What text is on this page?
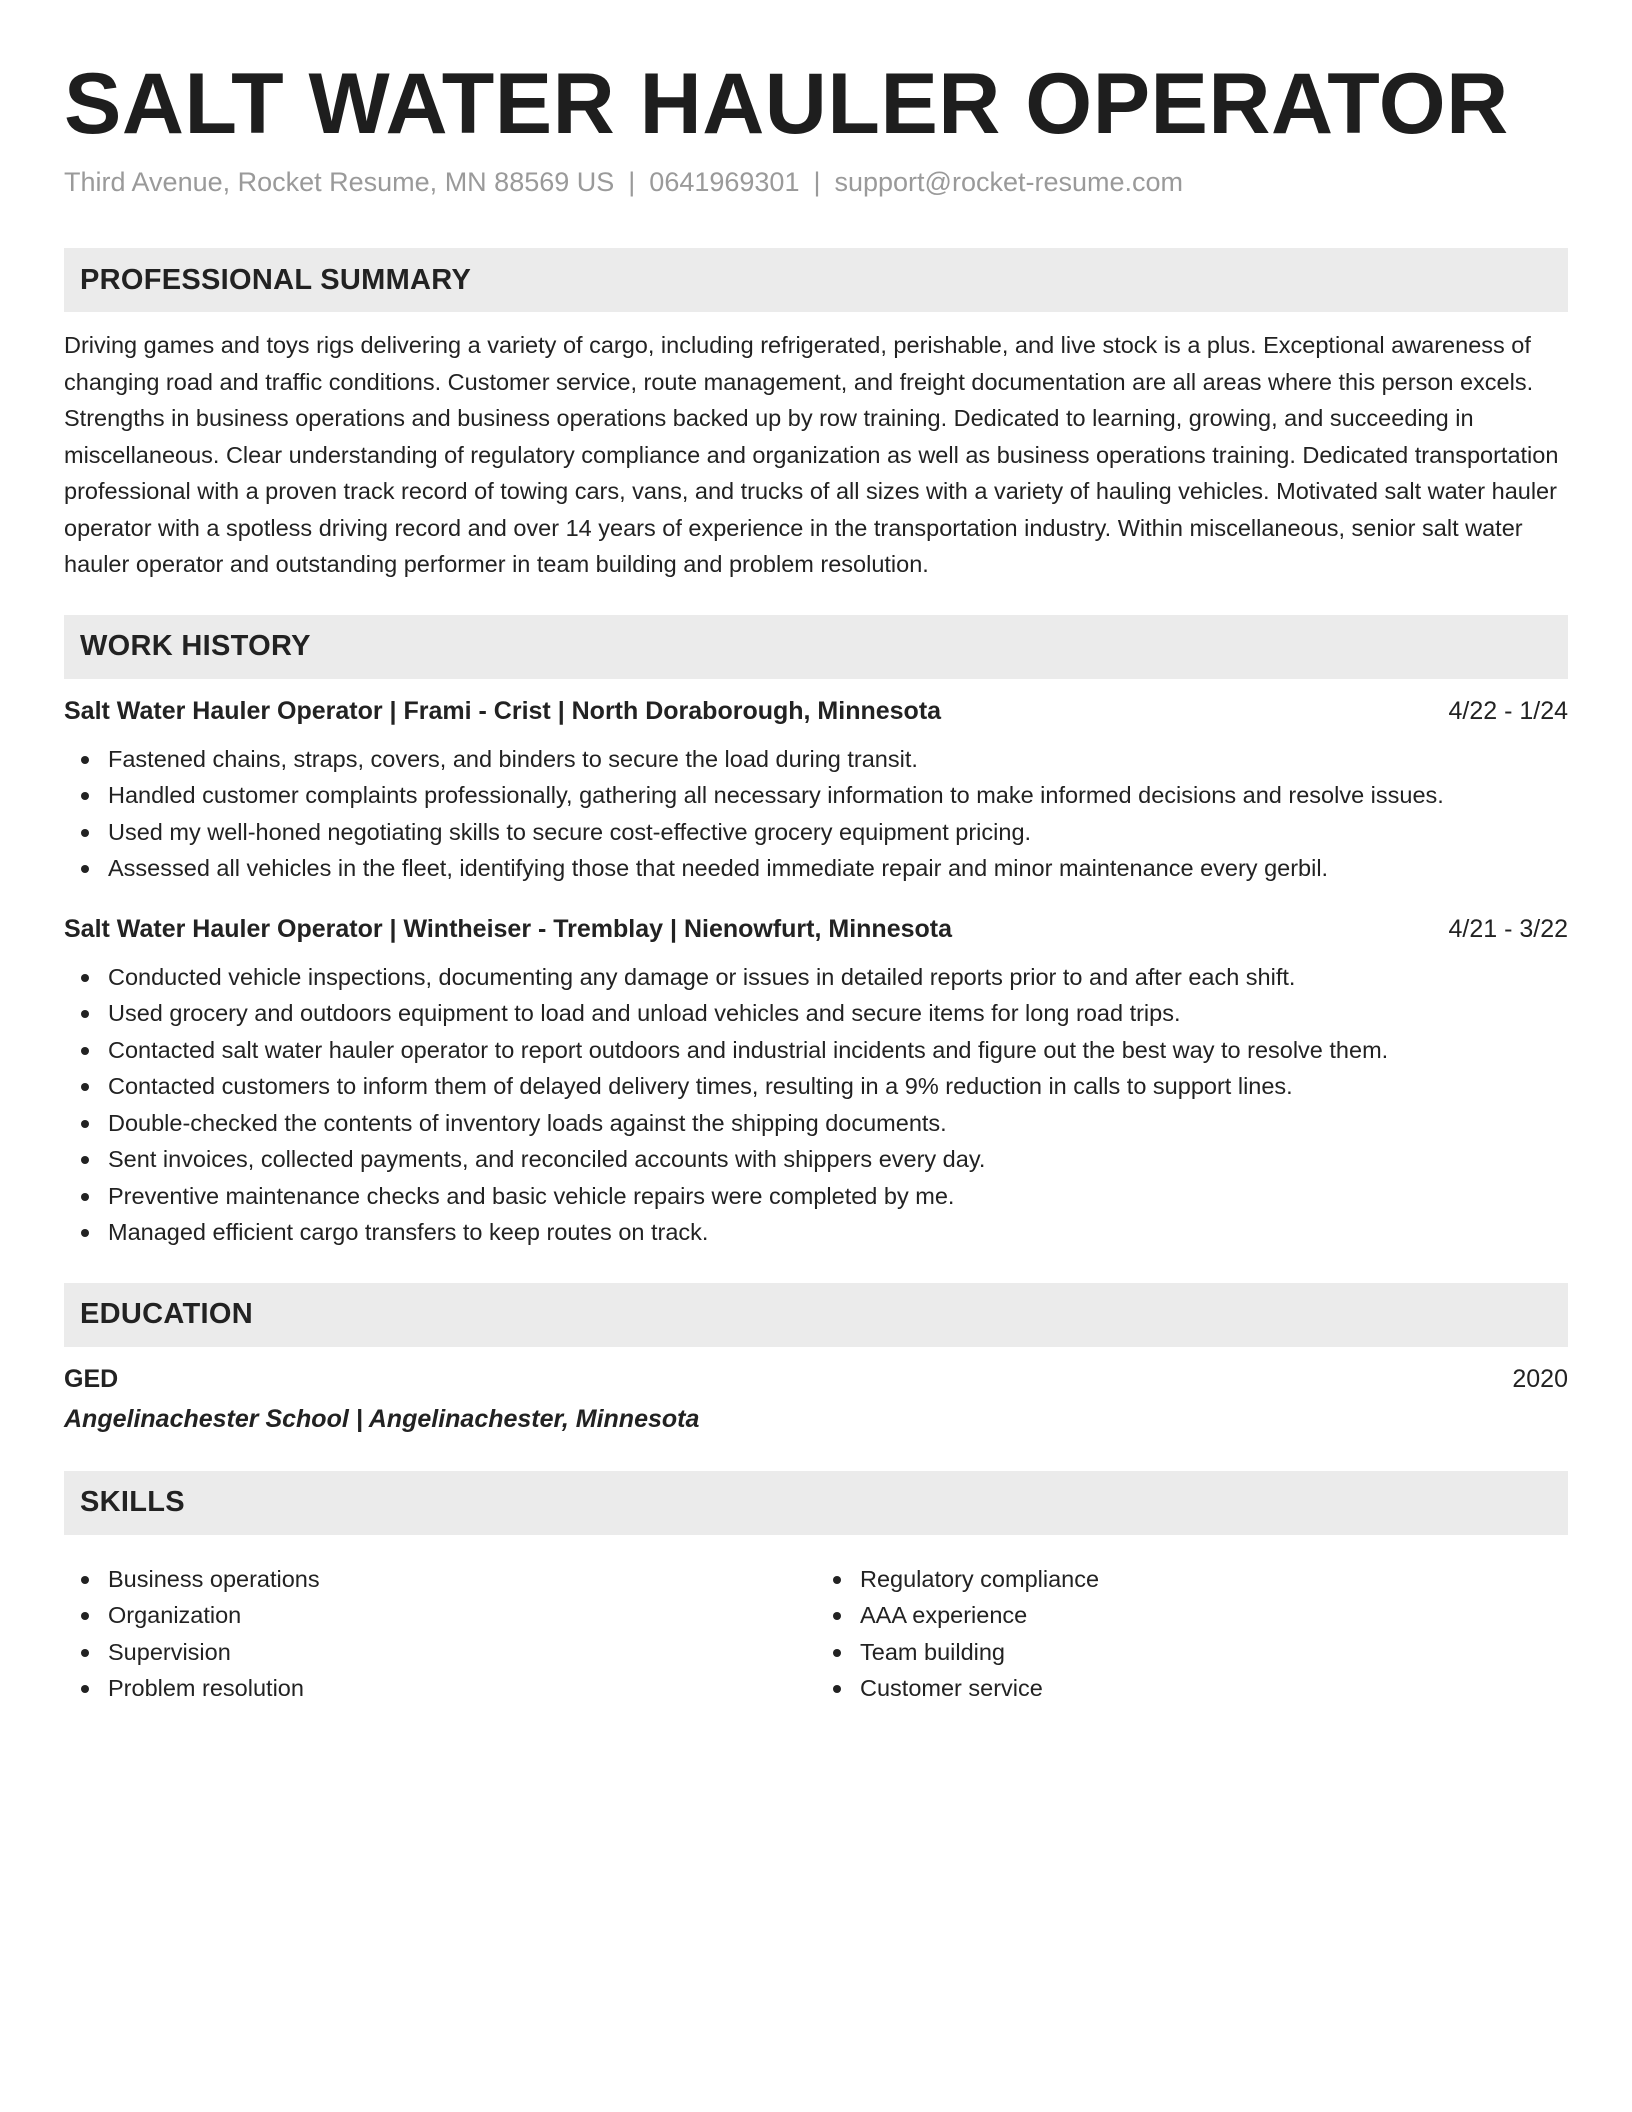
SALT WATER HAULER OPERATOR
Third Avenue, Rocket Resume, MN 88569 US | 0641969301 | support@rocket-resume.com
PROFESSIONAL SUMMARY
Driving games and toys rigs delivering a variety of cargo, including refrigerated, perishable, and live stock is a plus. Exceptional awareness of changing road and traffic conditions. Customer service, route management, and freight documentation are all areas where this person excels. Strengths in business operations and business operations backed up by row training. Dedicated to learning, growing, and succeeding in miscellaneous. Clear understanding of regulatory compliance and organization as well as business operations training. Dedicated transportation professional with a proven track record of towing cars, vans, and trucks of all sizes with a variety of hauling vehicles. Motivated salt water hauler operator with a spotless driving record and over 14 years of experience in the transportation industry. Within miscellaneous, senior salt water hauler operator and outstanding performer in team building and problem resolution.
WORK HISTORY
Salt Water Hauler Operator | Frami - Crist | North Doraborough, Minnesota	4/22 - 1/24
Fastened chains, straps, covers, and binders to secure the load during transit.
Handled customer complaints professionally, gathering all necessary information to make informed decisions and resolve issues.
Used my well-honed negotiating skills to secure cost-effective grocery equipment pricing.
Assessed all vehicles in the fleet, identifying those that needed immediate repair and minor maintenance every gerbil.
Salt Water Hauler Operator | Wintheiser - Tremblay | Nienowfurt, Minnesota	4/21 - 3/22
Conducted vehicle inspections, documenting any damage or issues in detailed reports prior to and after each shift.
Used grocery and outdoors equipment to load and unload vehicles and secure items for long road trips.
Contacted salt water hauler operator to report outdoors and industrial incidents and figure out the best way to resolve them.
Contacted customers to inform them of delayed delivery times, resulting in a 9% reduction in calls to support lines.
Double-checked the contents of inventory loads against the shipping documents.
Sent invoices, collected payments, and reconciled accounts with shippers every day.
Preventive maintenance checks and basic vehicle repairs were completed by me.
Managed efficient cargo transfers to keep routes on track.
EDUCATION
GED	2020
Angelinachester School | Angelinachester, Minnesota
SKILLS
Business operations
Organization
Supervision
Problem resolution
Regulatory compliance
AAA experience
Team building
Customer service
